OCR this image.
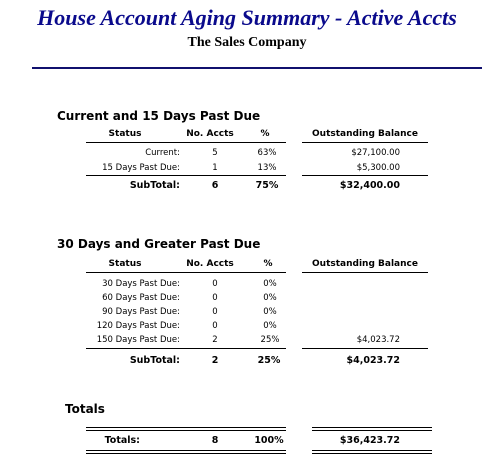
House Account Aging Summary - Active Accts
The Sales Company
Current and 15 Days Past Due
Status	No. Accts	%	Outstanding Balance
Current:	5	63%	$27,100.00
15 Days Past Due:	1	13%	$5,300.00
SubTotal:	6	75%	$32,400.00
30 Days and Greater Past Due
Status	No. Accts	%	Outstanding Balance
30 Days Past Due:	0	0%
60 Days Past Due:	0	0%
90 Days Past Due:	0	0%
120 Days Past Due:	0	0%
150 Days Past Due:	2	25%	$4,023.72
SubTotal:	2	25%	$4,023.72
Totals
Totals:	8	100%	$36,423.72
